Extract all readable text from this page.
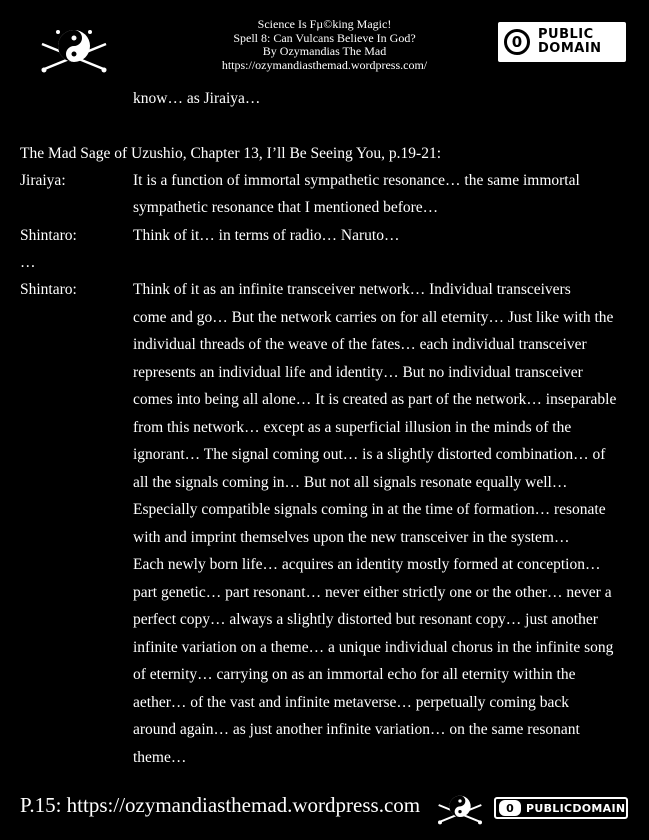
Science Is Fµ©king Magic!
Spell 8: Can Vulcans Believe In God?
By Ozymandias The Mad
https://ozymandiasthemad.wordpress.com/
0	PUBLIC
DOMAIN
know… as Jiraiya…
The Mad Sage of Uzushio, Chapter 13, I’ll Be Seeing You, p.19-21:
Jiraiya:	It is a function of immortal sympathetic resonance… the same immortal
sympathetic resonance that I mentioned before…
Shintaro:	Think of it… in terms of radio… Naruto…
…
Shintaro:	Think of it as an infinite transceiver network… Individual transceivers
come and go… But the network carries on for all eternity… Just like with the
individual threads of the weave of the fates… each individual transceiver
represents an individual life and identity… But no individual transceiver
comes into being all alone… It is created as part of the network… inseparable
from this network… except as a superficial illusion in the minds of the
ignorant… The signal coming out… is a slightly distorted combination… of
all the signals coming in… But not all signals resonate equally well…
Especially compatible signals coming in at the time of formation… resonate
with and imprint themselves upon the new transceiver in the system…
Each newly born life… acquires an identity mostly formed at conception…
part genetic… part resonant… never either strictly one or the other… never a
perfect copy… always a slightly distorted but resonant copy… just another
infinite variation on a theme… a unique individual chorus in the infinite song
of eternity… carrying on as an immortal echo for all eternity within the
aether… of the vast and infinite metaverse… perpetually coming back
around again… as just another infinite variation… on the same resonant
theme…
P.15: https://ozymandiasthemad.wordpress.com	0	PUBLICDOMAIN
